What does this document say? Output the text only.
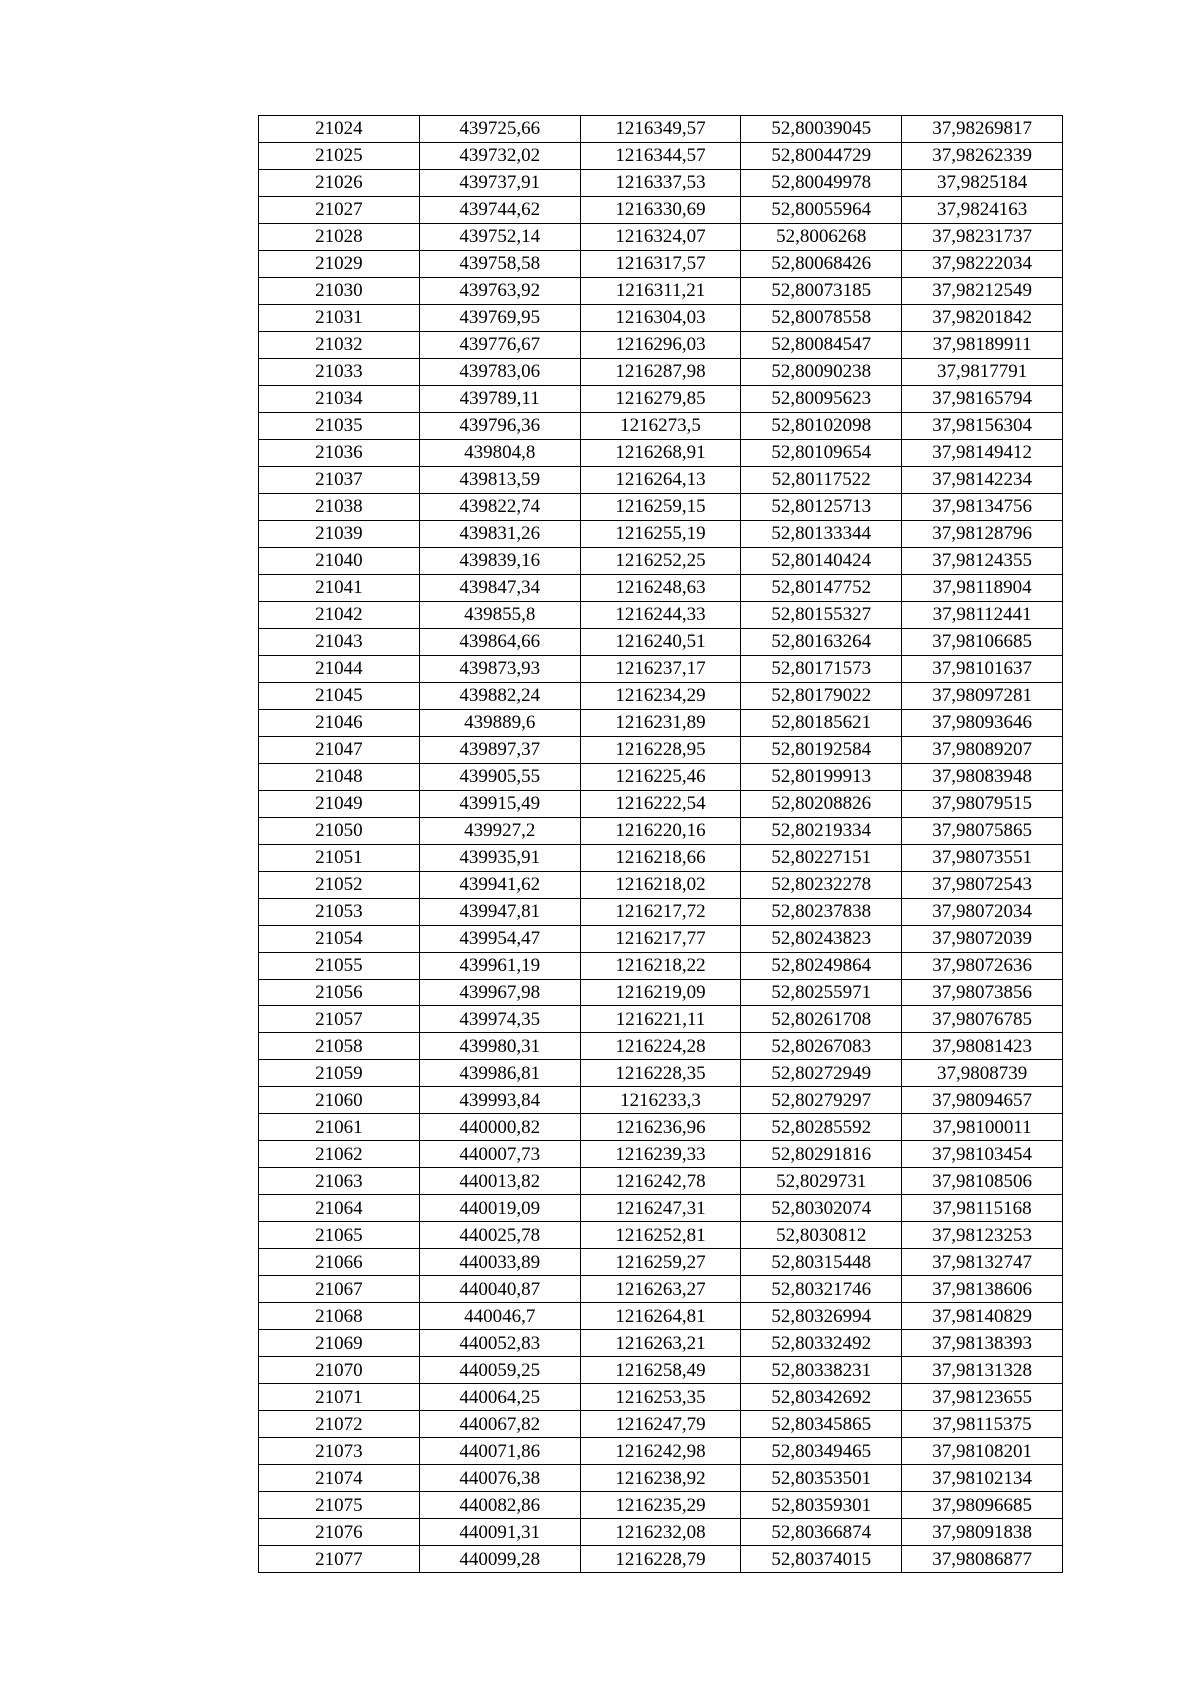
21024	439725,66	1216349,57	52,80039045	37,98269817
21025	439732,02	1216344,57	52,80044729	37,98262339
21026	439737,91	1216337,53	52,80049978	37,9825184
21027	439744,62	1216330,69	52,80055964	37,9824163
21028	439752,14	1216324,07	52,8006268	37,98231737
21029	439758,58	1216317,57	52,80068426	37,98222034
21030	439763,92	1216311,21	52,80073185	37,98212549
21031	439769,95	1216304,03	52,80078558	37,98201842
21032	439776,67	1216296,03	52,80084547	37,98189911
21033	439783,06	1216287,98	52,80090238	37,9817791
21034	439789,11	1216279,85	52,80095623	37,98165794
21035	439796,36	1216273,5	52,80102098	37,98156304
21036	439804,8	1216268,91	52,80109654	37,98149412
21037	439813,59	1216264,13	52,80117522	37,98142234
21038	439822,74	1216259,15	52,80125713	37,98134756
21039	439831,26	1216255,19	52,80133344	37,98128796
21040	439839,16	1216252,25	52,80140424	37,98124355
21041	439847,34	1216248,63	52,80147752	37,98118904
21042	439855,8	1216244,33	52,80155327	37,98112441
21043	439864,66	1216240,51	52,80163264	37,98106685
21044	439873,93	1216237,17	52,80171573	37,98101637
21045	439882,24	1216234,29	52,80179022	37,98097281
21046	439889,6	1216231,89	52,80185621	37,98093646
21047	439897,37	1216228,95	52,80192584	37,98089207
21048	439905,55	1216225,46	52,80199913	37,98083948
21049	439915,49	1216222,54	52,80208826	37,98079515
21050	439927,2	1216220,16	52,80219334	37,98075865
21051	439935,91	1216218,66	52,80227151	37,98073551
21052	439941,62	1216218,02	52,80232278	37,98072543
21053	439947,81	1216217,72	52,80237838	37,98072034
21054	439954,47	1216217,77	52,80243823	37,98072039
21055	439961,19	1216218,22	52,80249864	37,98072636
21056	439967,98	1216219,09	52,80255971	37,98073856
21057	439974,35	1216221,11	52,80261708	37,98076785
21058	439980,31	1216224,28	52,80267083	37,98081423
21059	439986,81	1216228,35	52,80272949	37,9808739
21060	439993,84	1216233,3	52,80279297	37,98094657
21061	440000,82	1216236,96	52,80285592	37,98100011
21062	440007,73	1216239,33	52,80291816	37,98103454
21063	440013,82	1216242,78	52,8029731	37,98108506
21064	440019,09	1216247,31	52,80302074	37,98115168
21065	440025,78	1216252,81	52,8030812	37,98123253
21066	440033,89	1216259,27	52,80315448	37,98132747
21067	440040,87	1216263,27	52,80321746	37,98138606
21068	440046,7	1216264,81	52,80326994	37,98140829
21069	440052,83	1216263,21	52,80332492	37,98138393
21070	440059,25	1216258,49	52,80338231	37,98131328
21071	440064,25	1216253,35	52,80342692	37,98123655
21072	440067,82	1216247,79	52,80345865	37,98115375
21073	440071,86	1216242,98	52,80349465	37,98108201
21074	440076,38	1216238,92	52,80353501	37,98102134
21075	440082,86	1216235,29	52,80359301	37,98096685
21076	440091,31	1216232,08	52,80366874	37,98091838
21077	440099,28	1216228,79	52,80374015	37,98086877
